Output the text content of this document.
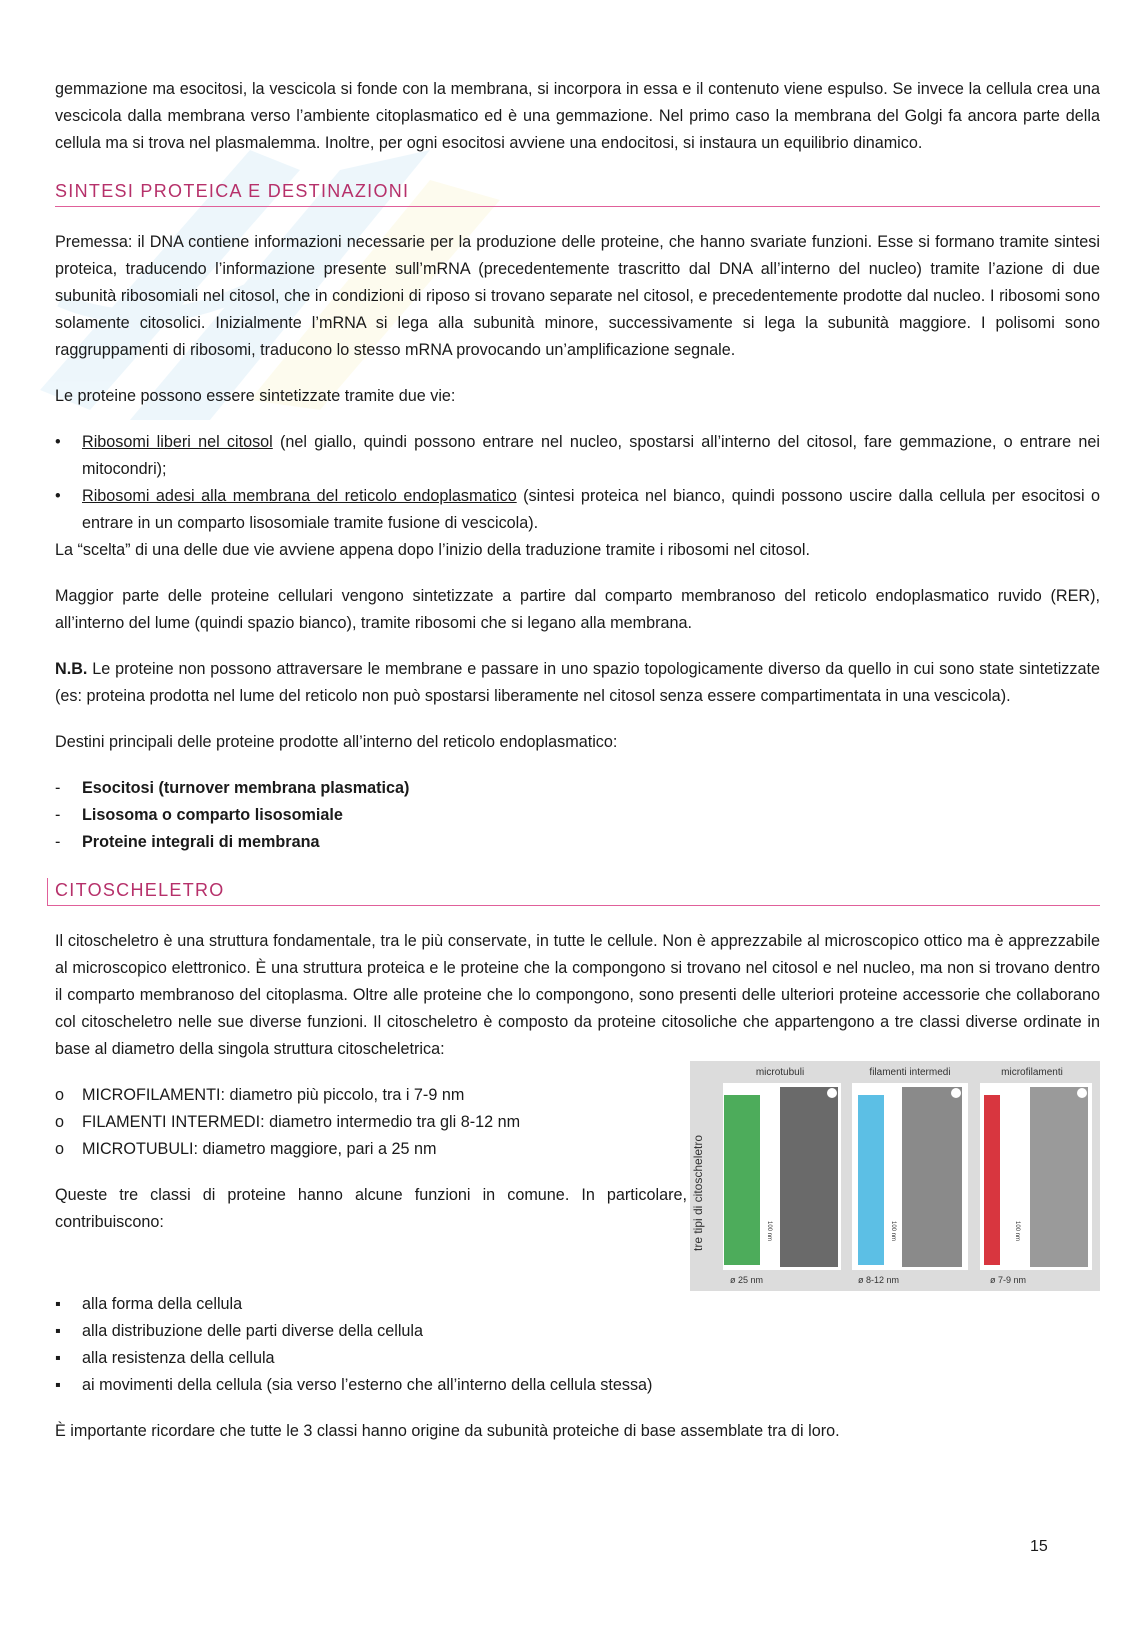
gemmazione ma esocitosi, la vescicola si fonde con la membrana, si incorpora in essa e il contenuto viene espulso. Se invece la cellula crea una vescicola dalla membrana verso l’ambiente citoplasmatico ed è una gemmazione. Nel primo caso la membrana del Golgi fa ancora parte della cellula ma si trova nel plasmalemma. Inoltre, per ogni esocitosi avviene una endocitosi, si instaura un equilibrio dinamico.

SINTESI PROTEICA E DESTINAZIONI

Premessa: il DNA contiene informazioni necessarie per la produzione delle proteine, che hanno svariate funzioni. Esse si formano tramite sintesi proteica, traducendo l’informazione presente sull’mRNA (precedentemente trascritto dal DNA all’interno del nucleo) tramite l’azione di due subunità ribosomiali nel citosol, che in condizioni di riposo si trovano separate nel citosol, e precedentemente prodotte dal nucleo. I ribosomi sono solamente citosolici. Inizialmente l’mRNA si lega alla subunità minore, successivamente si lega la subunità maggiore. I polisomi sono raggruppamenti di ribosomi, traducono lo stesso mRNA provocando un’amplificazione segnale.

Le proteine possono essere sintetizzate tramite due vie:

•	Ribosomi liberi nel citosol (nel giallo, quindi possono entrare nel nucleo, spostarsi all’interno del citosol, fare gemmazione, o entrare nei mitocondri);
•	Ribosomi adesi alla membrana del reticolo endoplasmatico (sintesi proteica nel bianco, quindi possono uscire dalla cellula per esocitosi o entrare in un comparto lisosomiale tramite fusione di vescicola).

La “scelta” di una delle due vie avviene appena dopo l’inizio della traduzione tramite i ribosomi nel citosol.

Maggior parte delle proteine cellulari vengono sintetizzate a partire dal comparto membranoso del reticolo endoplasmatico ruvido (RER), all’interno del lume (quindi spazio bianco), tramite ribosomi che si legano alla membrana.

N.B. Le proteine non possono attraversare le membrane e passare in uno spazio topologicamente diverso da quello in cui sono state sintetizzate (es: proteina prodotta nel lume del reticolo non può spostarsi liberamente nel citosol senza essere compartimentata in una vescicola).

Destini principali delle proteine prodotte all’interno del reticolo endoplasmatico:

-	Esocitosi (turnover membrana plasmatica)
-	Lisosoma o comparto lisosomiale
-	Proteine integrali di membrana
CITOSCHELETRO

Il citoscheletro è una struttura fondamentale, tra le più conservate, in tutte le cellule. Non è apprezzabile al microscopico ottico ma è apprezzabile al microscopico elettronico. È una struttura proteica e le proteine che la compongono si trovano nel citosol e nel nucleo, ma non si trovano dentro il comparto membranoso del citoplasma. Oltre alle proteine che lo compongono, sono presenti delle ulteriori proteine accessorie che collaborano col citoscheletro nelle sue diverse funzioni. Il citoscheletro è composto da proteine citosoliche che appartengono a tre classi diverse ordinate in base al diametro della singola struttura citoscheletrica:

o	MICROFILAMENTI: diametro più piccolo, tra i 7-9 nm
o	FILAMENTI INTERMEDI: diametro intermedio tra gli 8-12 nm
o	MICROTUBULI: diametro maggiore, pari a 25 nm

Queste tre classi di proteine hanno alcune funzioni in comune. In particolare, contribuiscono:	tre tipi di citoscheletro
microtubuli
100 nm
ø 25 nm
filamenti intermedi
100 nm
ø 8-12 nm
microfilamenti
100 nm
ø 7-9 nm
▪	alla forma della cellula
▪	alla distribuzione delle parti diverse della cellula
▪	alla resistenza della cellula
▪	ai movimenti della cellula (sia verso l’esterno che all’interno della cellula stessa)

È importante ricordare che tutte le 3 classi hanno origine da subunità proteiche di base assemblate tra di loro.

15
